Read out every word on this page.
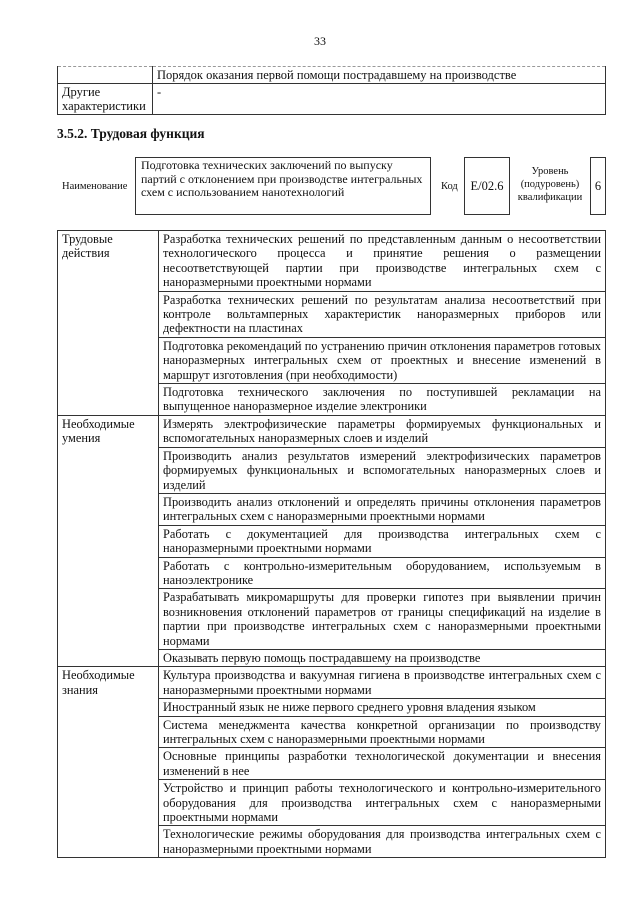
33
	Порядок оказания первой помощи пострадавшему на производстве
Другие характеристики	-
3.5.2. Трудовая функция
Наименование
Подготовка технических заключений по выпуску партий с отклонением при производстве интегральных схем с использованием нанотехнологий	Код	E/02.6
Уровень (подуровень) квалификации
6
Трудовые действия	Разработка технических решений по представленным данным о несоответствии технологического процесса и принятие решения о размещении несоответствующей партии при производстве интегральных схем с наноразмерными проектными нормами
	Разработка технических решений по результатам анализа несоответствий при контроле вольтамперных характеристик наноразмерных приборов или дефектности на пластинах
	Подготовка рекомендаций по устранению причин отклонения параметров готовых наноразмерных интегральных схем от проектных и внесение изменений в маршрут изготовления (при необходимости)
	Подготовка технического заключения по поступившей рекламации на выпущенное наноразмерное изделие электроники
Необходимые умения	Измерять электрофизические параметры формируемых функциональных и вспомогательных наноразмерных слоев и изделий
	Производить анализ результатов измерений электрофизических параметров формируемых функциональных и вспомогательных наноразмерных слоев и изделий
	Производить анализ отклонений и определять причины отклонения параметров интегральных схем с наноразмерными проектными нормами
	Работать с документацией для производства интегральных схем с наноразмерными проектными нормами
	Работать с контрольно-измерительным оборудованием, используемым в наноэлектронике
	Разрабатывать микромаршруты для проверки гипотез при выявлении причин возникновения отклонений параметров от границы спецификаций на изделие в партии при производстве интегральных схем с наноразмерными проектными нормами
	Оказывать первую помощь пострадавшему на производстве
Необходимые знания	Культура производства и вакуумная гигиена в производстве интегральных схем с наноразмерными проектными нормами
	Иностранный язык не ниже первого среднего уровня владения языком
	Система менеджмента качества конкретной организации по производству интегральных схем с наноразмерными проектными нормами
	Основные принципы разработки технологической документации и внесения изменений в нее
	Устройство и принцип работы технологического и контрольно-измерительного оборудования для производства интегральных схем с наноразмерными проектными нормами
	Технологические режимы оборудования для производства интегральных схем с наноразмерными проектными нормами
